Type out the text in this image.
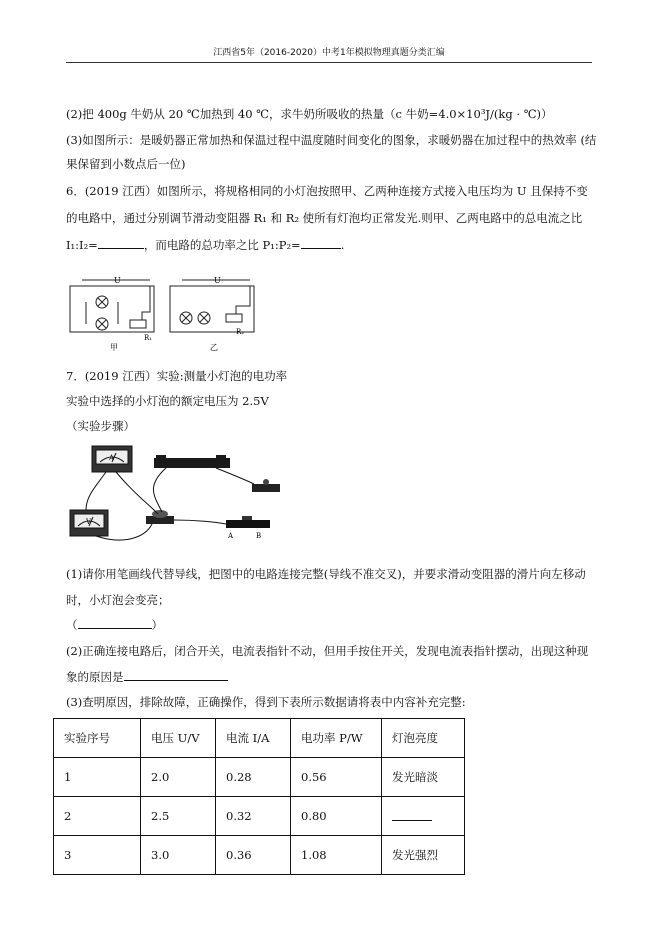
江西省5年（2016-2020）中考1年模拟物理真题分类汇编
(2)把 400g 牛奶从 20 ℃加热到 40 ℃，求牛奶所吸收的热量（c 牛奶=4.0×10³J/(kg · ℃)）
(3)如图所示：是暖奶器正常加热和保温过程中温度随时间变化的图象，求暖奶器在加过程中的热效率 (结
果保留到小数点后一位)
6．(2019 江西）如图所示，将规格相同的小灯泡按照甲、乙两种连接方式接入电压均为 U 且保持不变
的电路中，通过分别调节滑动变阻器 R₁ 和 R₂ 使所有灯泡均正常发光.则甲、乙两电路中的总电流之比
I₁:I₂=	，而电路的总功率之比 P₁:P₂=	.
U	U
R₁
R₂
甲	乙
7．(2019 江西）实验:测量小灯泡的电功率
实验中选择的小灯泡的额定电压为 2.5V
（实验步骤）
A
V
A	B
(1)请你用笔画线代替导线，把图中的电路连接完整(导线不准交叉)，并要求滑动变阻器的滑片向左移动
时，小灯泡会变亮；
（	）
(2)正确连接电路后，闭合开关，电流表指针不动，但用手按住开关，发现电流表指针摆动，出现这种现
象的原因是
(3)查明原因，排除故障，正确操作，得到下表所示数据请将表中内容补充完整:
实验序号	电压 U/V	电流 I/A	电功率 P/W	灯泡亮度
1	2.0	0.28	0.56	发光暗淡
2	2.5	0.32	0.80	
3	3.0	0.36	1.08	发光强烈
